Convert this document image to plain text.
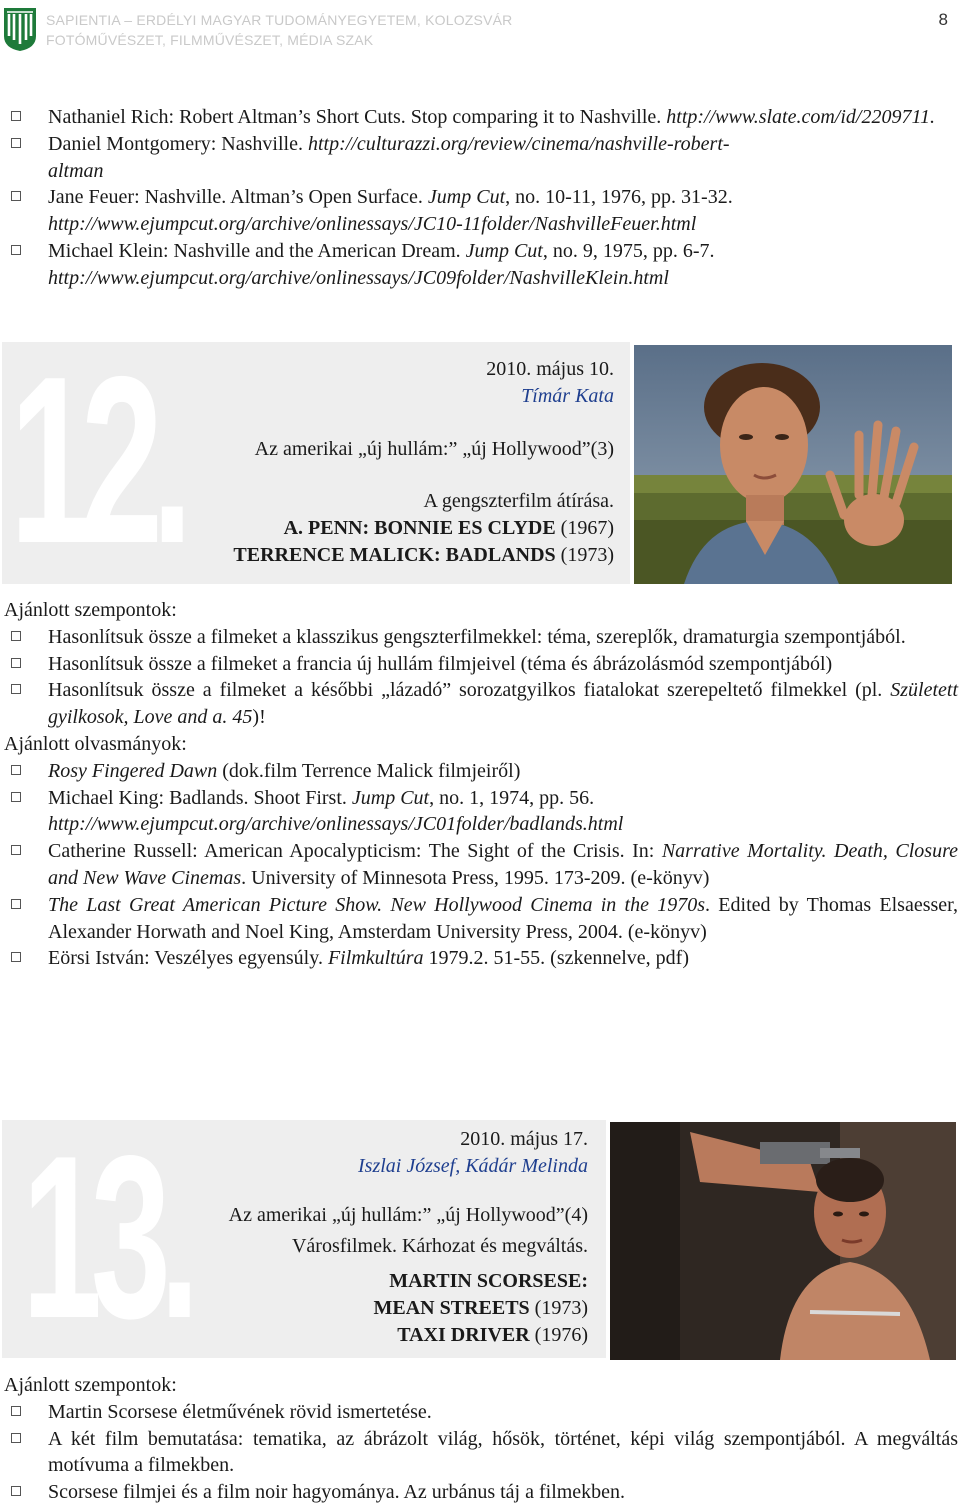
SAPIENTIA – ERDÉLYI MAGYAR TUDOMÁNYEGYETEM, KOLOZSVÁR
FOTÓMŰVÉSZET, FILMMŰVÉSZET, MÉDIA SZAK
8
Nathaniel Rich: Robert Altman’s Short Cuts. Stop comparing it to Nashville. http://www.slate.com/id/2209711.
Daniel Montgomery: Nashville. http://culturazzi.org/review/cinema/nashville-robert-
altman
Jane Feuer: Nashville. Altman’s Open Surface. Jump Cut, no. 10-11, 1976, pp. 31-32.
http://www.ejumpcut.org/archive/onlinessays/JC10-11folder/NashvilleFeuer.html
Michael Klein: Nashville and the American Dream. Jump Cut, no. 9, 1975, pp. 6-7.
http://www.ejumpcut.org/archive/onlinessays/JC09folder/NashvilleKlein.html
12.	2010. május 10.
Tímár Kata
Az amerikai „új hullám:” „új Hollywood”(3)
A gengszterfilm átírása.
A. PENN: BONNIE ES CLYDE (1967)
TERRENCE MALICK: BADLANDS (1973)
Ajánlott szempontok:
Hasonlítsuk össze a filmeket a klasszikus gengszterfilmekkel: téma, szereplők, dramaturgia szempontjából.
Hasonlítsuk össze a filmeket a francia új hullám filmjeivel (téma és ábrázolásmód szempontjából)
Hasonlítsuk össze a filmeket a későbbi „lázadó” sorozatgyilkos fiatalokat szerepeltető filmekkel (pl. Született gyilkosok, Love and a. 45)!
Ajánlott olvasmányok:
Rosy Fingered Dawn (dok.film Terrence Malick filmjeiről)
Michael King: Badlands. Shoot First. Jump Cut, no. 1, 1974, pp. 56.
http://www.ejumpcut.org/archive/onlinessays/JC01folder/badlands.html
Catherine Russell: American Apocalypticism: The Sight of the Crisis. In: Narrative Mortality. Death, Closure and New Wave Cinemas. University of Minnesota Press, 1995. 173-209. (e-könyv)
The Last Great American Picture Show. New Hollywood Cinema in the 1970s. Edited by Thomas Elsaesser, Alexander Horwath and Noel King, Amsterdam University Press, 2004. (e-könyv)
Eörsi István: Veszélyes egyensúly. Filmkultúra 1979.2. 51-55. (szkennelve, pdf)
13.	2010. május 17.
Iszlai József, Kádár Melinda
Az amerikai „új hullám:” „új Hollywood”(4)
Városfilmek. Kárhozat és megváltás.
MARTIN SCORSESE:
MEAN STREETS (1973)
TAXI DRIVER (1976)
Ajánlott szempontok:
Martin Scorsese életművének rövid ismertetése.
A két film bemutatása: tematika, az ábrázolt világ, hősök, történet, képi világ szempontjából. A megváltás motívuma a filmekben.
Scorsese filmjei és a film noir hagyománya. Az urbánus táj a filmekben.
